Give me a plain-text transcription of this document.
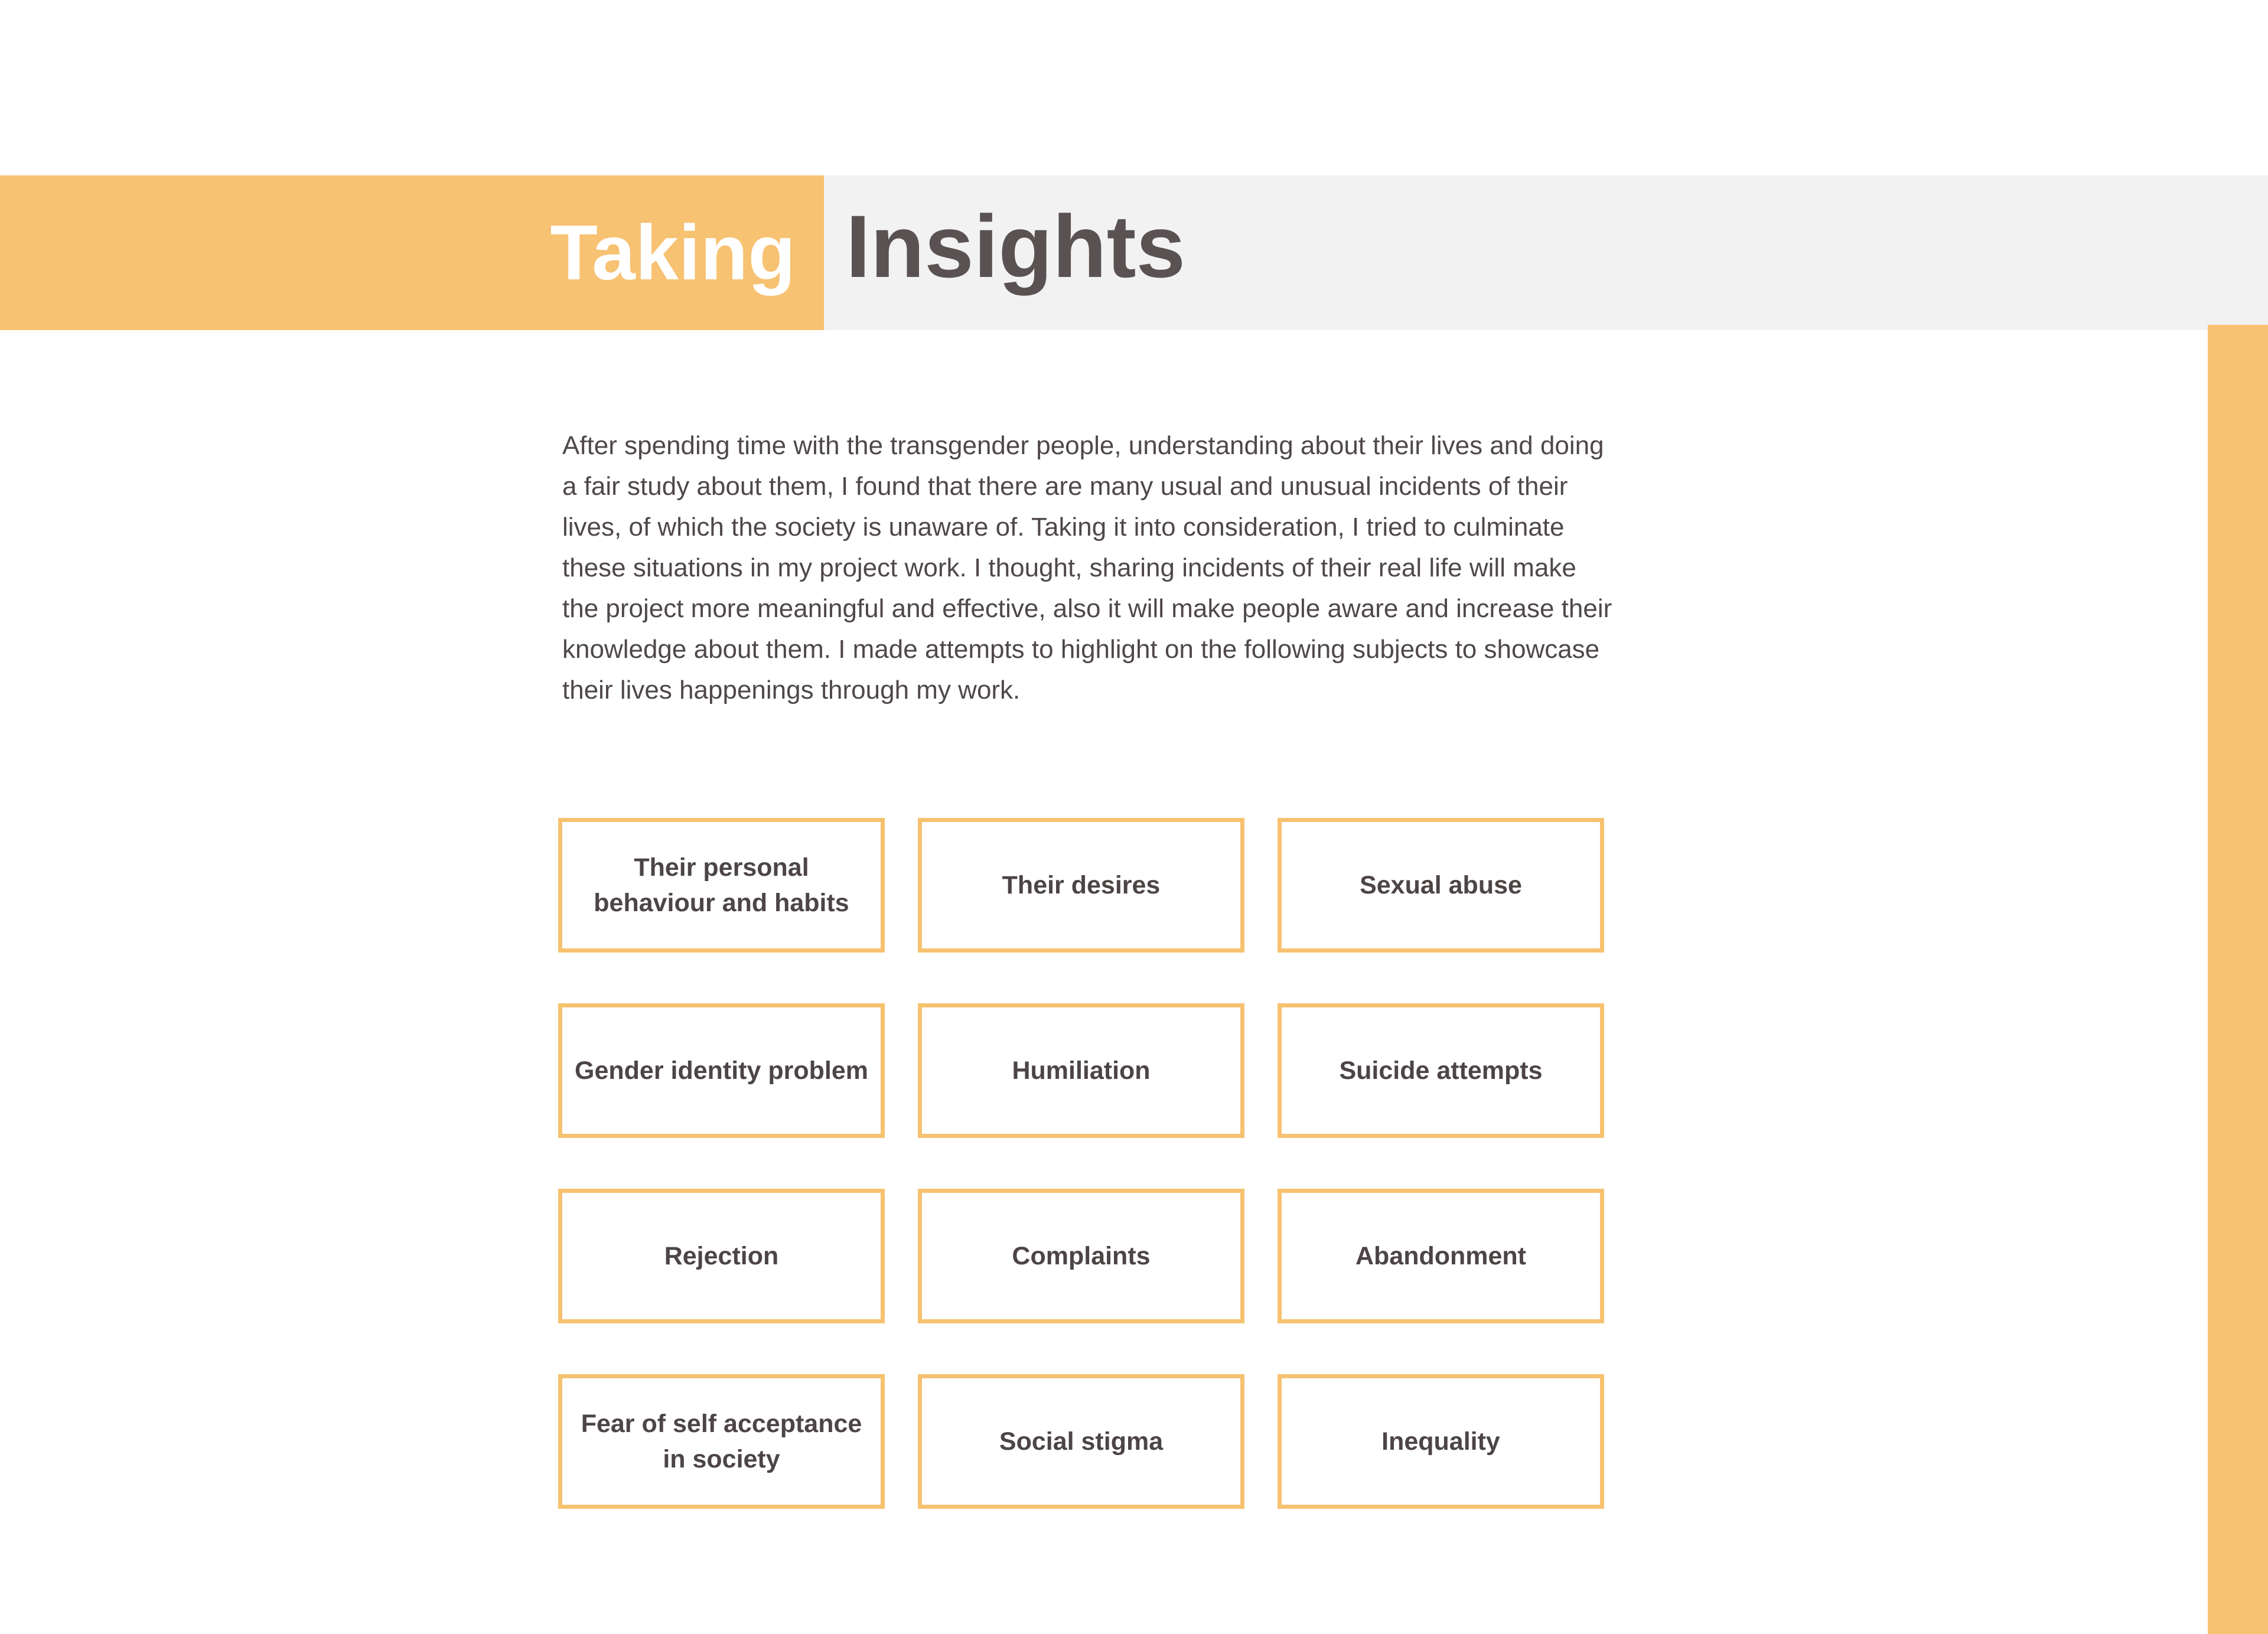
Taking Insights

After spending time with the transgender people, understanding about their lives and doing a fair study about them, I found that there are many usual and unusual incidents of their lives, of which the society is unaware of. Taking it into consideration, I tried to culminate these situations in my project work. I thought, sharing incidents of their real life will make the project more meaningful and effective, also it will make people aware and increase their knowledge about them. I made attempts to highlight on the following subjects to showcase their lives happenings through my work.

Their personal behaviour and habits
Their desires	Sexual abuse
Gender identity problem	Humiliation	Suicide attempts
Rejection	Complaints	Abandonment
Fear of self acceptance in society
Social stigma	Inequality
